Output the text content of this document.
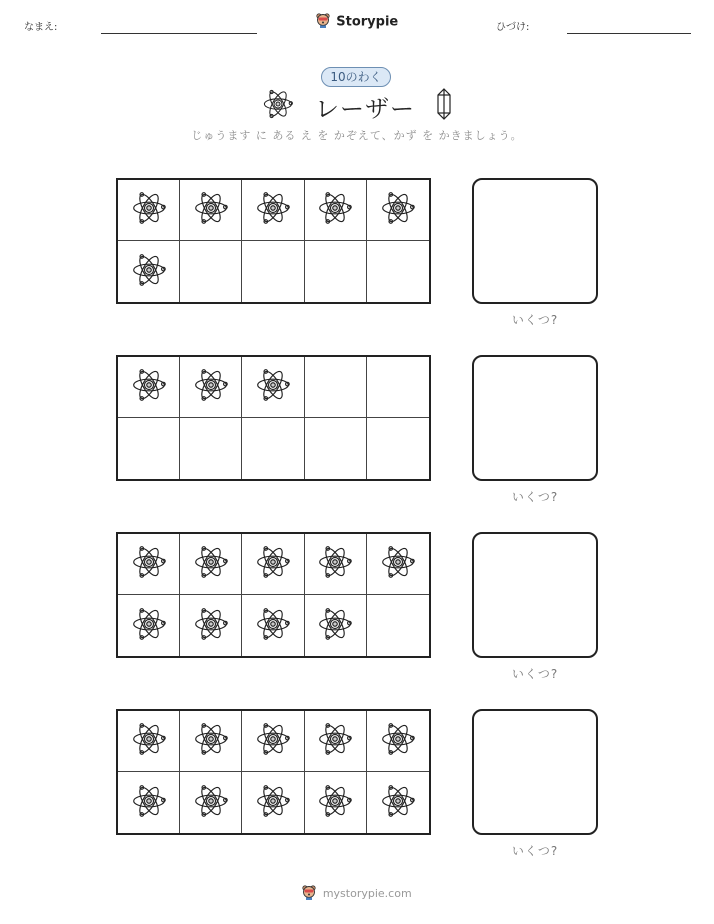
なまえ:	Storypie	ひづけ:
10のわく
レーザー
じゅうます に ある え を かぞえて、かず を かきましょう。
いくつ?
いくつ?
いくつ?
いくつ?
mystorypie.com
